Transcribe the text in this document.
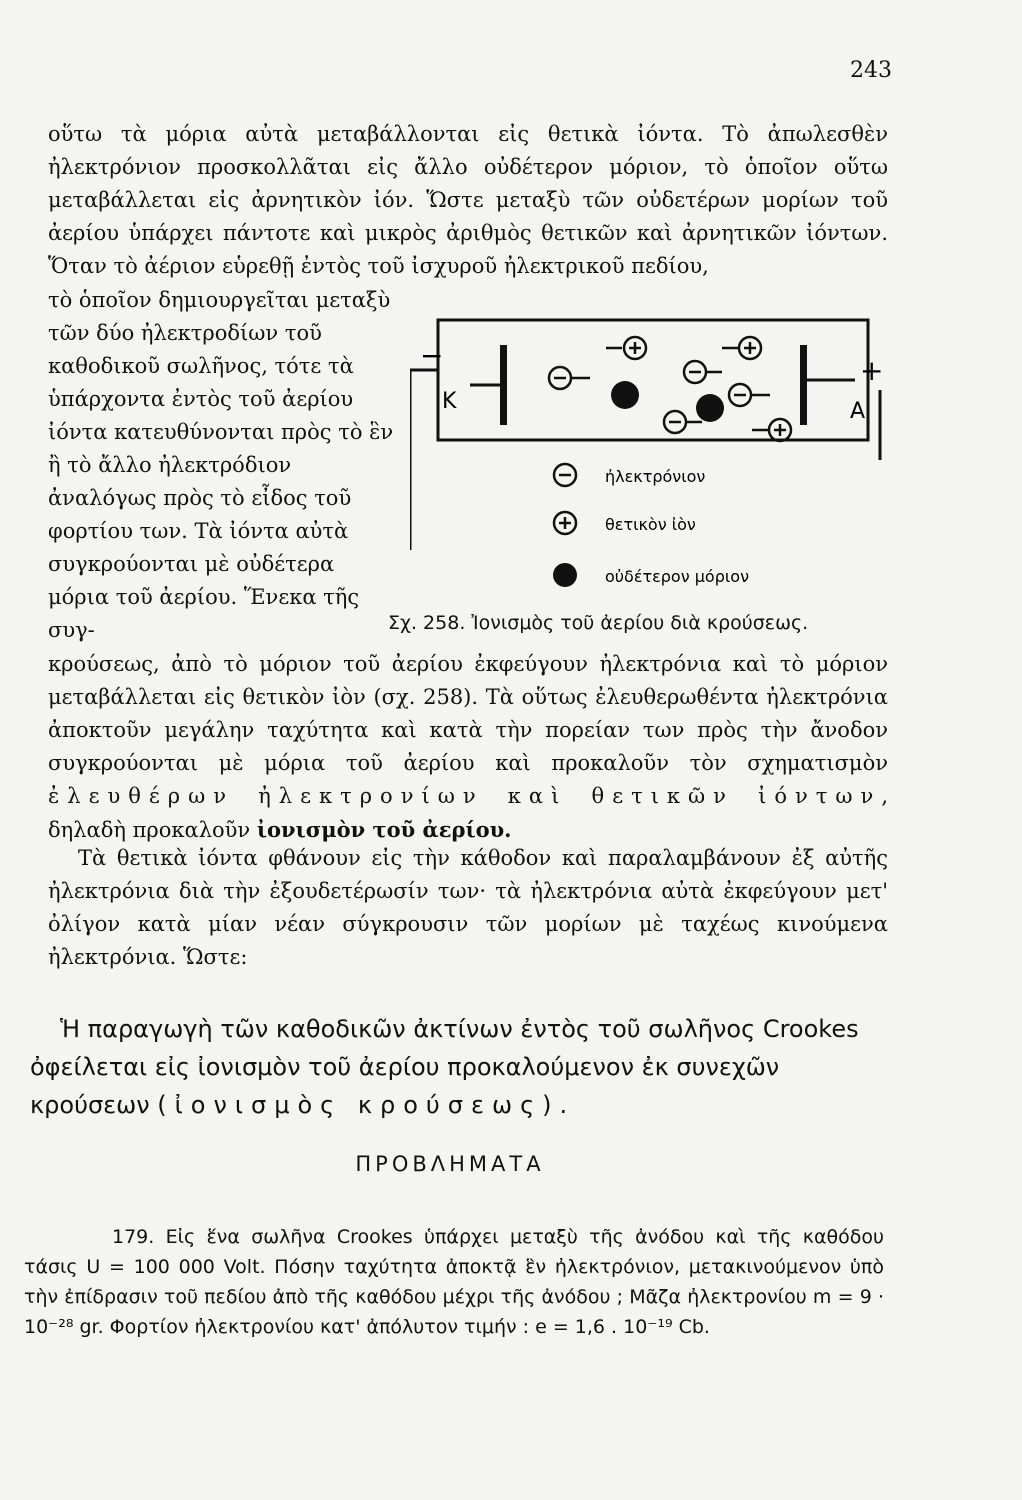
243
οὕτω τὰ μόρια αὐτὰ μεταβάλλονται εἰς θετικὰ ἰόντα. Τὸ ἀπωλεσθὲν ἠλεκτρόνιον προσκολλᾶται εἰς ἄλλο οὐδέτερον μόριον, τὸ ὁποῖον οὕτω μεταβάλλεται εἰς ἀρνητικὸν ἰόν. Ὥστε μεταξὺ τῶν οὐδετέρων μορίων τοῦ ἀερίου ὑπάρχει πάντοτε καὶ μικρὸς ἀριθμὸς θετικῶν καὶ ἀρνητικῶν ἰόντων. Ὅταν τὸ ἀέριον εὑρεθῇ ἐντὸς τοῦ ἰσχυροῦ ἠλεκτρικοῦ πεδίου,
τὸ ὁποῖον δημιουργεῖται μεταξὺ τῶν δύο ἠλεκτροδίων τοῦ καθοδικοῦ σωλῆνος, τότε τὰ ὑπάρχοντα ἐντὸς τοῦ ἀερίου ἰόντα κατευθύνονται πρὸς τὸ ἓν ἢ τὸ ἄλλο ἠλεκτρόδιον ἀναλόγως πρὸς τὸ εἶδος τοῦ φορτίου των. Τὰ ἰόντα αὐτὰ συγκρούονται μὲ οὐδέτερα μόρια τοῦ ἀερίου. Ἕνεκα τῆς συγ-
−	+
K	A
ἠλεκτρόνιον
θετικὸν ἰὸν
οὐδέτερον μόριον
Σχ. 258. Ἰονισμὸς τοῦ ἀερίου διὰ κρούσεως.
κρούσεως, ἀπὸ τὸ μόριον τοῦ ἀερίου ἐκφεύγουν ἠλεκτρόνια καὶ τὸ μόριον μεταβάλλεται εἰς θετικὸν ἰὸν (σχ. 258). Τὰ οὕτως ἐλευθερωθέντα ἠλεκτρόνια ἀποκτοῦν μεγάλην ταχύτητα καὶ κατὰ τὴν πορείαν των πρὸς τὴν ἄνοδον συγκρούονται μὲ μόρια τοῦ ἀερίου καὶ προκαλοῦν τὸν σχηματισμὸν ἐλευθέρων ἠλεκτρονίων καὶ θετικῶν ἰόντων, δηλαδὴ προκαλοῦν ἰονισμὸν τοῦ ἀερίου.
Τὰ θετικὰ ἰόντα φθάνουν εἰς τὴν κάθοδον καὶ παραλαμβάνουν ἐξ αὐτῆς ἠλεκτρόνια διὰ τὴν ἐξουδετέρωσίν των· τὰ ἠλεκτρόνια αὐτὰ ἐκφεύγουν μετ' ὀλίγον κατὰ μίαν νέαν σύγκρουσιν τῶν μορίων μὲ ταχέως κινούμενα ἠλεκτρόνια. Ὥστε:
Ἡ παραγωγὴ τῶν καθοδικῶν ἀκτίνων ἐντὸς τοῦ σωλῆνος Crookes ὀφείλεται εἰς ἰονισμὸν τοῦ ἀερίου προκαλούμενον ἐκ συνεχῶν κρούσεων (ἰονισμὸς κρούσεως).
ΠΡΟΒΛΗΜΑΤΑ
179. Εἰς ἕνα σωλῆνα Crookes ὑπάρχει μεταξὺ τῆς ἀνόδου καὶ τῆς καθόδου τάσις U = 100 000 Volt. Πόσην ταχύτητα ἀποκτᾷ ἓν ἠλεκτρόνιον, μετακινούμενον ὑπὸ τὴν ἐπίδρασιν τοῦ πεδίου ἀπὸ τῆς καθόδου μέχρι τῆς ἀνόδου ; Μᾶζα ἠλεκτρονίου m = 9 · 10⁻²⁸ gr. Φορτίον ἠλεκτρονίου κατ' ἀπόλυτον τιμήν : e = 1,6 . 10⁻¹⁹ Cb.
